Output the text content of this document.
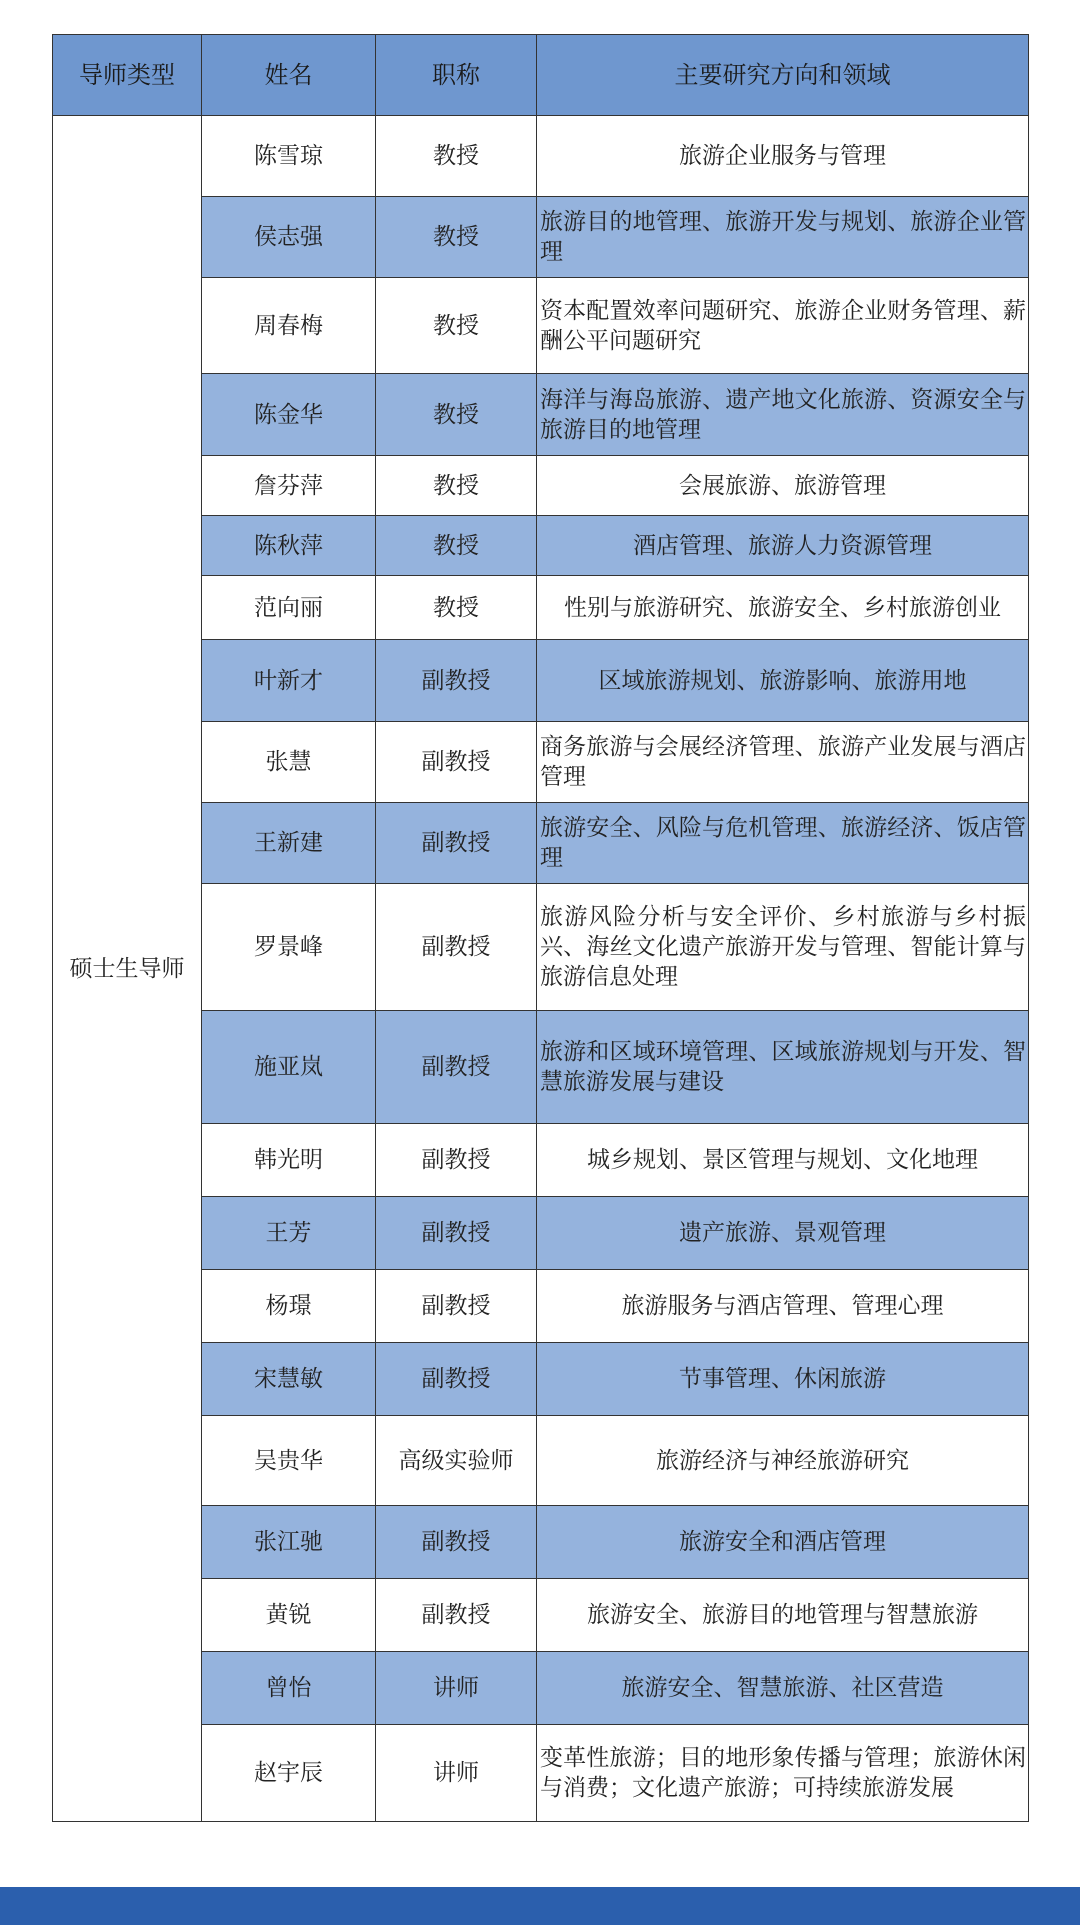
导师类型	姓名	职称	主要研究方向和领域
硕士生导师	陈雪琼	教授	旅游企业服务与管理
	侯志强	教授	旅游目的地管理、旅游开发与规划、旅游企业管理
	周春梅	教授	资本配置效率问题研究、旅游企业财务管理、薪酬公平问题研究
	陈金华	教授	海洋与海岛旅游、遗产地文化旅游、资源安全与旅游目的地管理
	詹芬萍	教授	会展旅游、旅游管理
	陈秋萍	教授	酒店管理、旅游人力资源管理
	范向丽	教授	性别与旅游研究、旅游安全、乡村旅游创业
	叶新才	副教授	区域旅游规划、旅游影响、旅游用地
	张慧	副教授	商务旅游与会展经济管理、旅游产业发展与酒店管理
	王新建	副教授	旅游安全、风险与危机管理、旅游经济、饭店管理
	罗景峰	副教授	旅游风险分析与安全评价、乡村旅游与乡村振兴、海丝文化遗产旅游开发与管理、智能计算与旅游信息处理
	施亚岚	副教授	旅游和区域环境管理、区域旅游规划与开发、智慧旅游发展与建设
	韩光明	副教授	城乡规划、景区管理与规划、文化地理
	王芳	副教授	遗产旅游、景观管理
	杨璟	副教授	旅游服务与酒店管理、管理心理
	宋慧敏	副教授	节事管理、休闲旅游
	吴贵华	高级实验师	旅游经济与神经旅游研究
	张江驰	副教授	旅游安全和酒店管理
	黄锐	副教授	旅游安全、旅游目的地管理与智慧旅游
	曾怡	讲师	旅游安全、智慧旅游、社区营造
	赵宇辰	讲师	变革性旅游；目的地形象传播与管理；旅游休闲与消费；文化遗产旅游；可持续旅游发展
